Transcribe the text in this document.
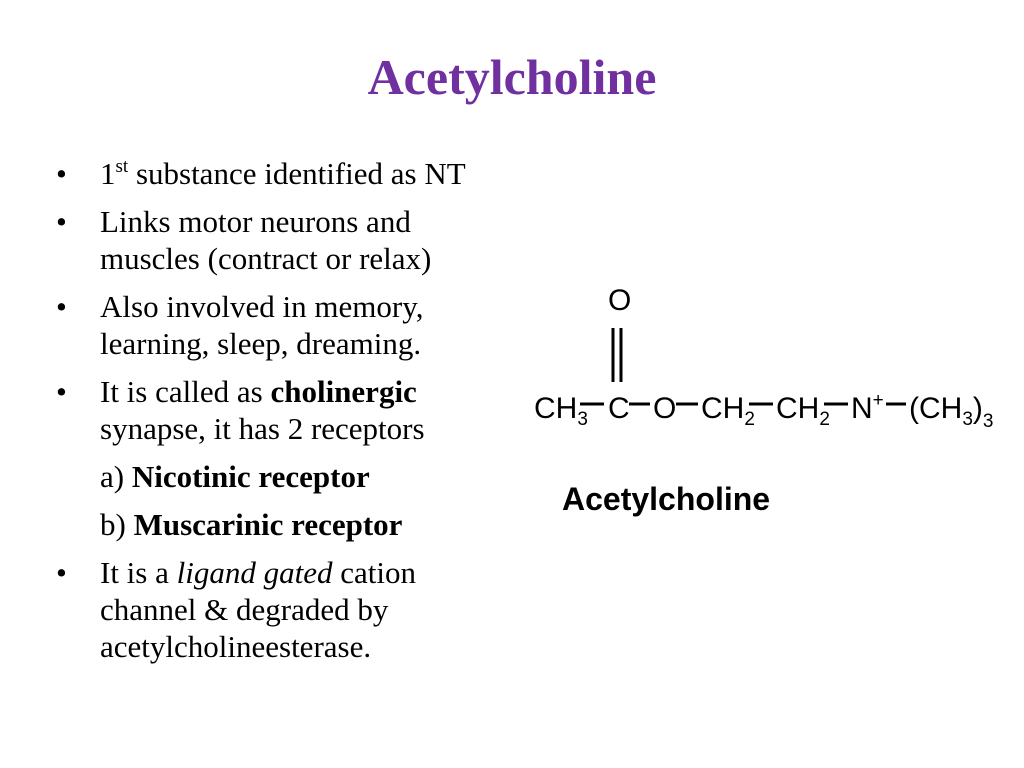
Acetylcholine
• 1st substance identified as NT
• Links motor neurons and
muscles (contract or relax)
• Also involved in memory,
learning, sleep, dreaming.
• It is called as cholinergic
synapse, it has 2 receptors
a) Nicotinic receptor
b) Muscarinic receptor
• It is a ligand gated cation
channel & degraded by
acetylcholineesterase.
O
$CH_3$ C O $CH_2$ $CH_2$ N+ $(CH_3)_3$
Acetylcholine
